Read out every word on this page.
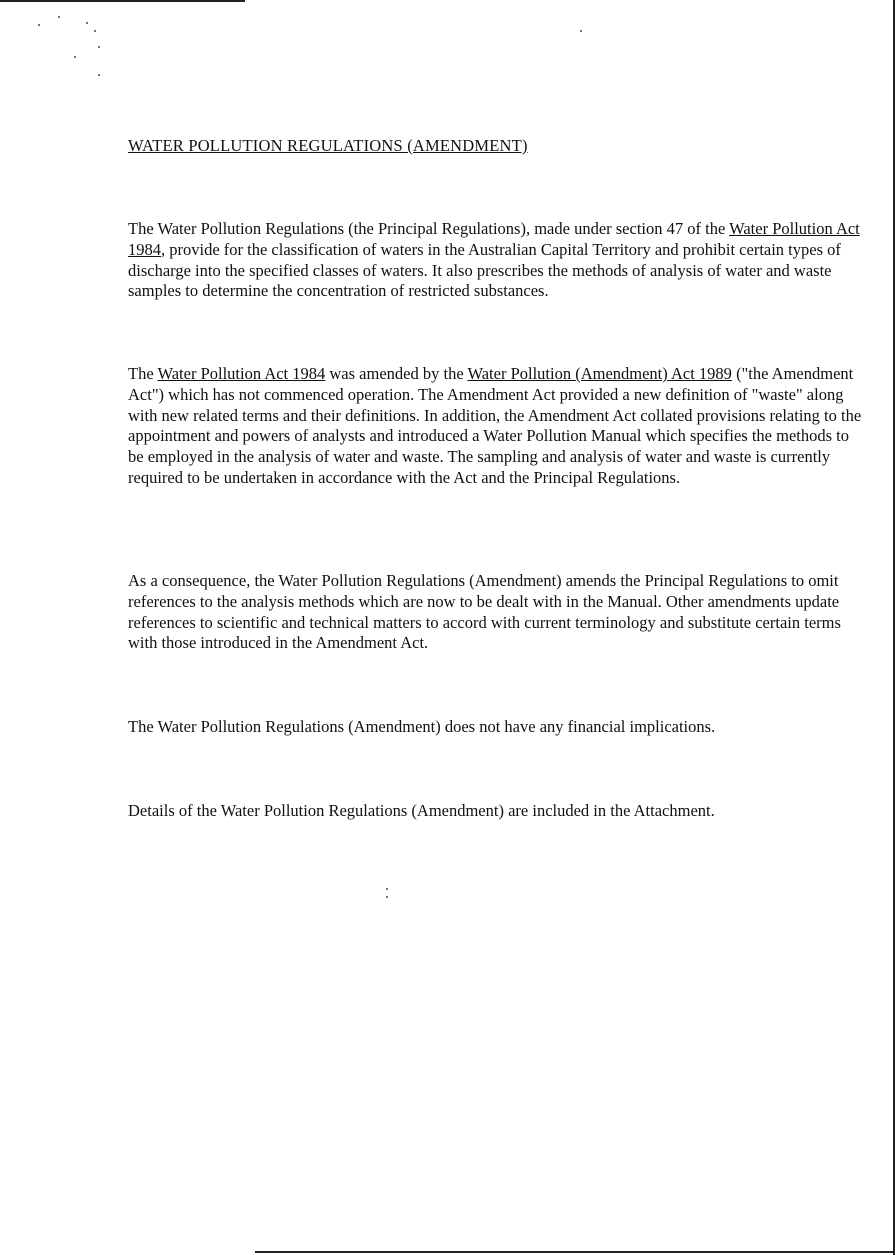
WATER POLLUTION REGULATIONS (AMENDMENT)

The Water Pollution Regulations (the Principal Regulations), made under section 47 of the Water Pollution Act 1984, provide for the classification of waters in the Australian Capital Territory and prohibit certain types of discharge into the specified classes of waters. It also prescribes the methods of analysis of water and waste samples to determine the concentration of restricted substances.

The Water Pollution Act 1984 was amended by the Water Pollution (Amendment) Act 1989 ("the Amendment Act") which has not commenced operation. The Amendment Act provided a new definition of "waste" along with new related terms and their definitions. In addition, the Amendment Act collated provisions relating to the appointment and powers of analysts and introduced a Water Pollution Manual which specifies the methods to be employed in the analysis of water and waste. The sampling and analysis of water and waste is currently required to be undertaken in accordance with the Act and the Principal Regulations.

As a consequence, the Water Pollution Regulations (Amendment) amends the Principal Regulations to omit references to the analysis methods which are now to be dealt with in the Manual. Other amendments update references to scientific and technical matters to accord with current terminology and substitute certain terms with those introduced in the Amendment Act.

The Water Pollution Regulations (Amendment) does not have any financial implications.

Details of the Water Pollution Regulations (Amendment) are included in the Attachment.
